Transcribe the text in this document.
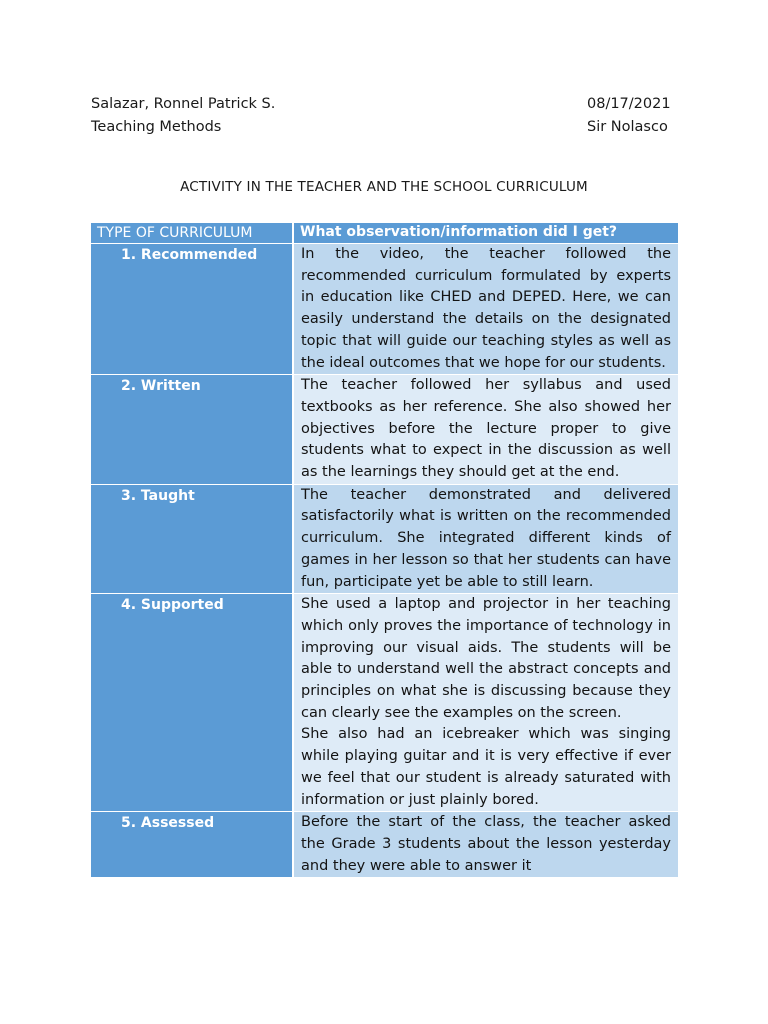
Salazar, Ronnel Patrick S.
Teaching Methods
08/17/2021
Sir Nolasco
ACTIVITY IN THE TEACHER AND THE SCHOOL CURRICULUM
TYPE OF CURRICULUM	What observation/information did I get?
1. Recommended	In the video, the teacher followed the recommended curriculum formulated by experts in education like CHED and DEPED. Here, we can easily understand the details on the designated topic that will guide our teaching styles as well as the ideal outcomes that we hope for our students.

2. Written	The teacher followed her syllabus and used textbooks as her reference. She also showed her objectives before the lecture proper to give students what to expect in the discussion as well as the learnings they should get at the end.

3. Taught	The teacher demonstrated and delivered satisfactorily what is written on the recommended curriculum. She integrated different kinds of games in her lesson so that her students can have fun, participate yet be able to still learn.

4. Supported	She used a laptop and projector in her teaching which only proves the importance of technology in improving our visual aids. The students will be able to understand well the abstract concepts and principles on what she is discussing because they can clearly see the examples on the screen.

She also had an icebreaker which was singing while playing guitar and it is very effective if ever we feel that our student is already saturated with information or just plainly bored.

5. Assessed	Before the start of the class, the teacher asked the Grade 3 students about the lesson yesterday and they were able to answer it
